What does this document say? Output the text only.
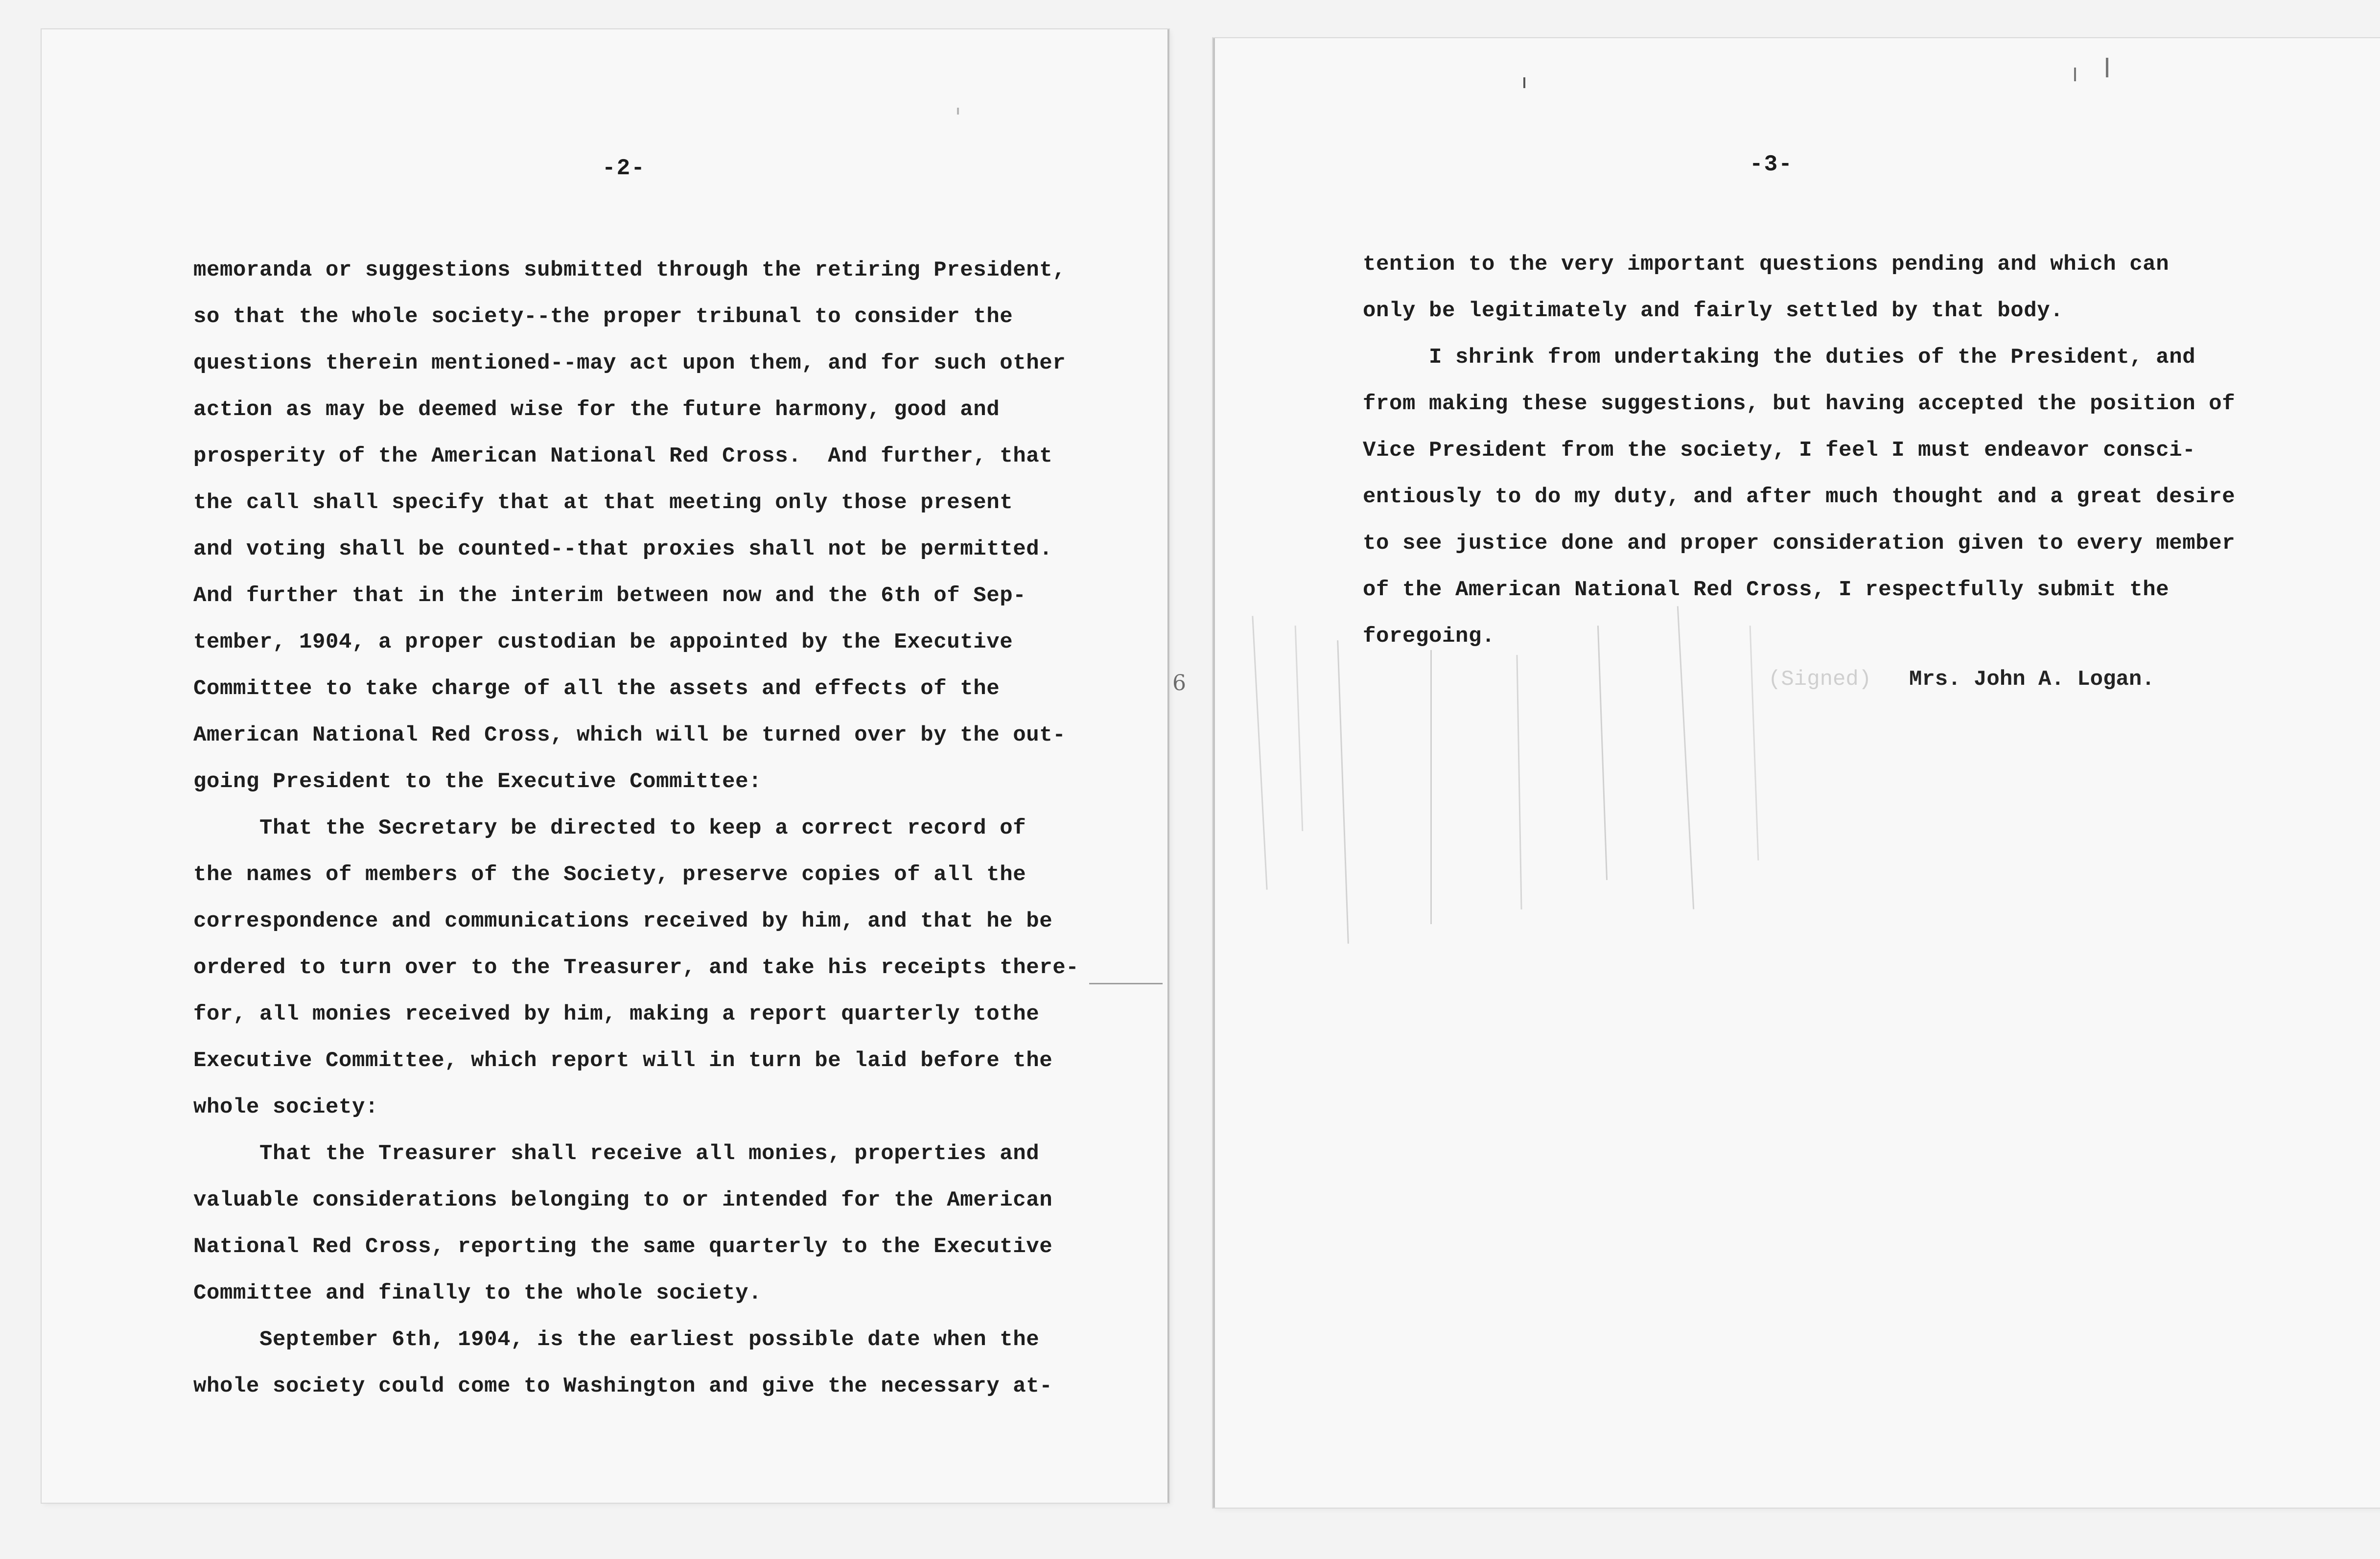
-2-
memoranda or suggestions submitted through the retiring President,
so that the whole society--the proper tribunal to consider the
questions therein mentioned--may act upon them, and for such other
action as may be deemed wise for the future harmony, good and
prosperity of the American National Red Cross.  And further, that
the call shall specify that at that meeting only those present
and voting shall be counted--that proxies shall not be permitted.
And further that in the interim between now and the 6th of Sep-
tember, 1904, a proper custodian be appointed by the Executive
Committee to take charge of all the assets and effects of the
American National Red Cross, which will be turned over by the out-
going President to the Executive Committee:
That the Secretary be directed to keep a correct record of
the names of members of the Society, preserve copies of all the
correspondence and communications received by him, and that he be
ordered to turn over to the Treasurer, and take his receipts there-
for, all monies received by him, making a report quarterly tothe
Executive Committee, which report will in turn be laid before the
whole society:
That the Treasurer shall receive all monies, properties and
valuable considerations belonging to or intended for the American
National Red Cross, reporting the same quarterly to the Executive
Committee and finally to the whole society.
September 6th, 1904, is the earliest possible date when the
whole society could come to Washington and give the necessary at-
6
-3-
tention to the very important questions pending and which can
only be legitimately and fairly settled by that body.
I shrink from undertaking the duties of the President, and
from making these suggestions, but having accepted the position of
Vice President from the society, I feel I must endeavor consci-
entiously to do my duty, and after much thought and a great desire
to see justice done and proper consideration given to every member
of the American National Red Cross, I respectfully submit the
foregoing.
(Signed) Mrs. John A. Logan.
